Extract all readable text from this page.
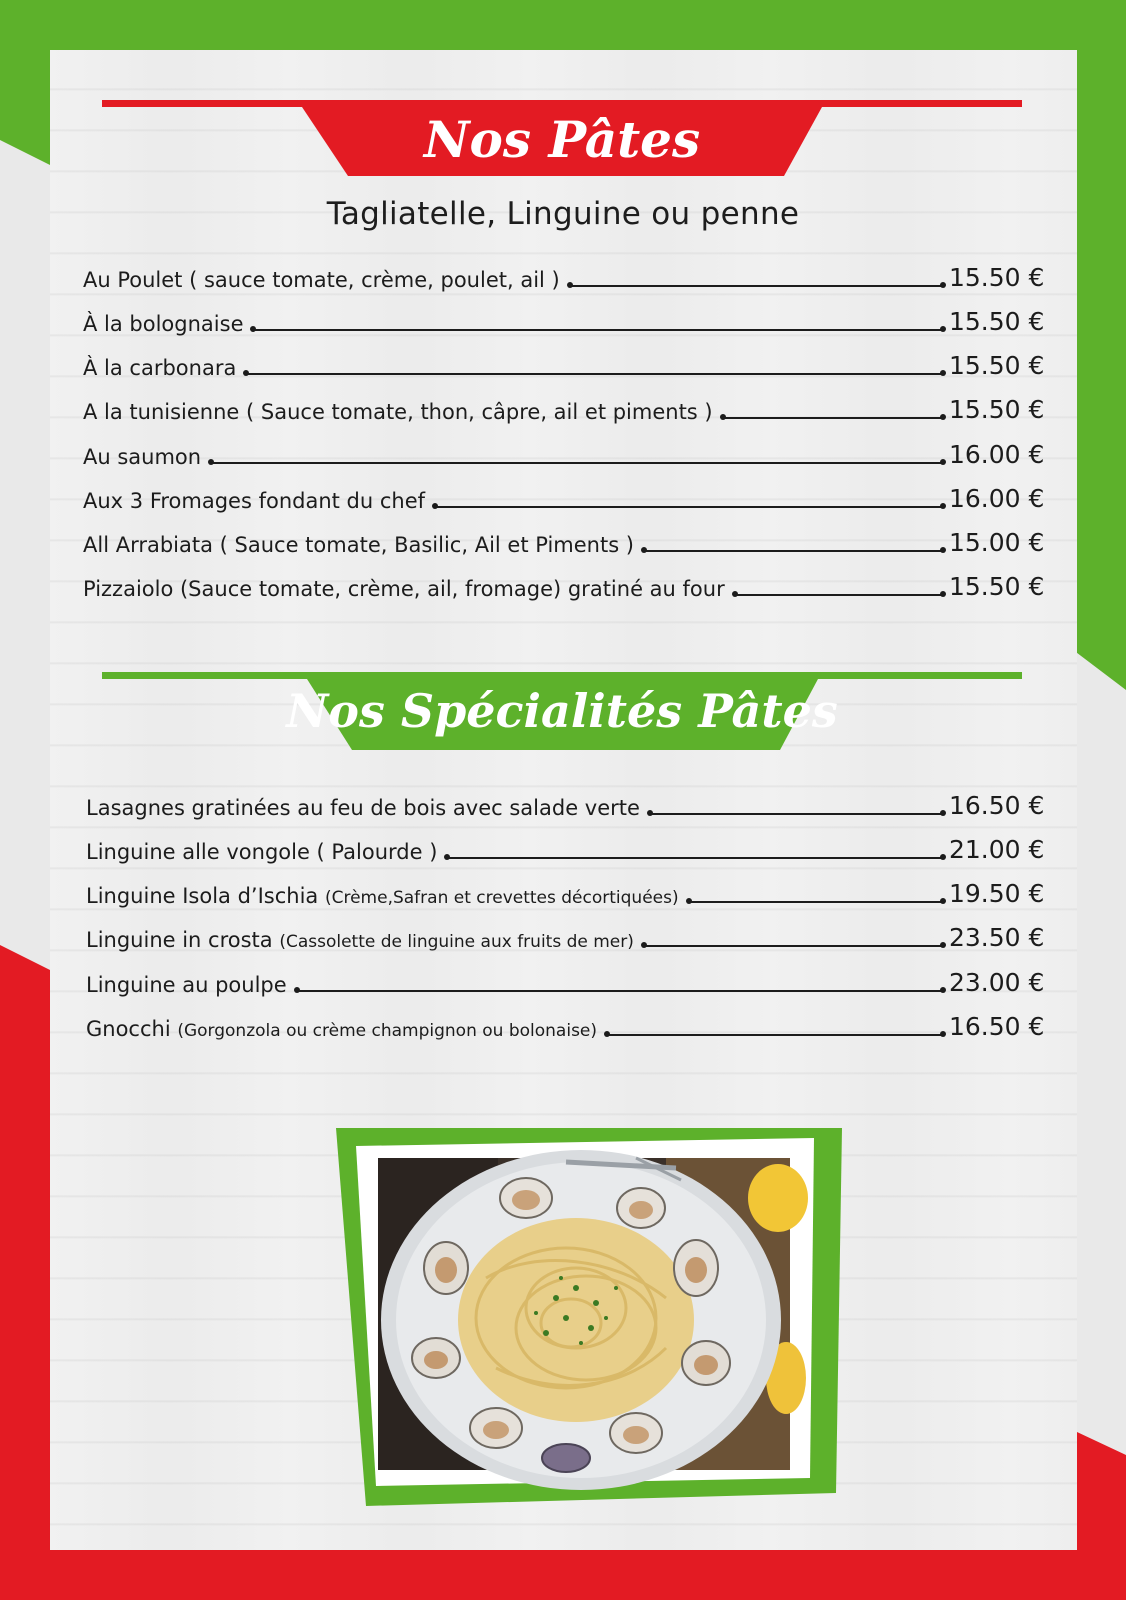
Nos Pâtes
Tagliatelle, Linguine ou penne
Au Poulet ( sauce tomate, crème, poulet, ail )	15.50 €
À la bolognaise	15.50 €
À la carbonara	15.50 €
A la tunisienne ( Sauce tomate, thon, câpre, ail et piments )	15.50 €
Au saumon	16.00 €
Aux 3 Fromages fondant du chef	16.00 €
All Arrabiata ( Sauce tomate, Basilic, Ail et Piments )	15.00 €
Pizzaiolo (Sauce tomate, crème, ail, fromage) gratiné au four	15.50 €
Nos Spécialités Pâtes
Lasagnes gratinées au feu de bois avec salade verte	16.50 €
Linguine alle vongole ( Palourde )	21.00 €
Linguine Isola d’Ischia (Crème,Safran et crevettes décortiquées)	19.50 €
Linguine in crosta (Cassolette de linguine aux fruits de mer)	23.50 €
Linguine au poulpe	23.00 €
Gnocchi (Gorgonzola ou crème champignon ou bolonaise)	16.50 €
